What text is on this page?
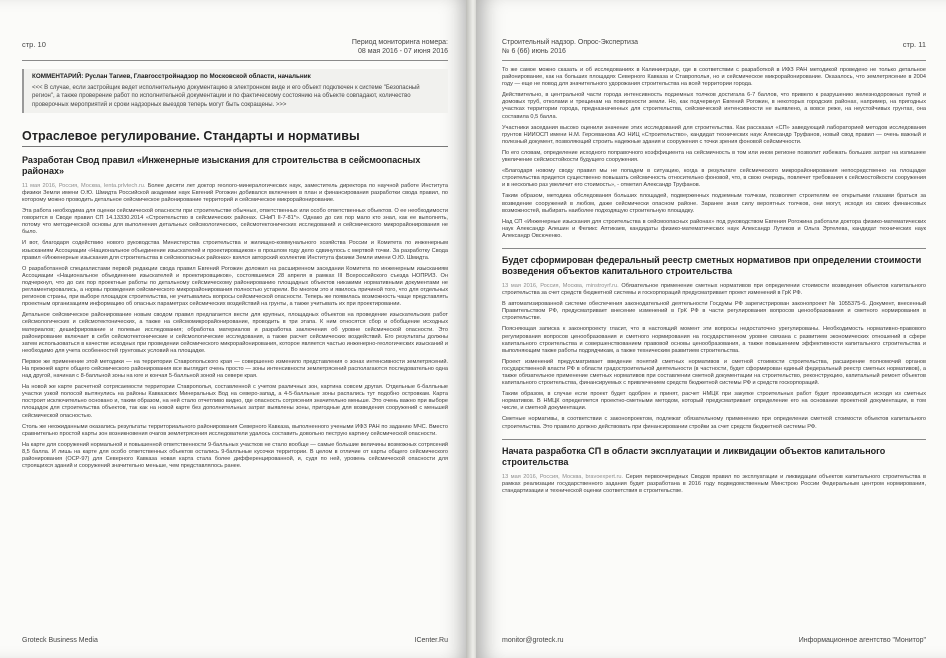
стр. 10	Период мониторинга номера:
08 мая 2016 - 07 июня 2016
КОММЕНТАРИЙ: Руслан Тагиев, Главгосстройнадзор по Московской области, начальник
<<< В случае, если застройщик ведет исполнительную документацию в электронном виде и его объект подключен к системе "Безопасный регион", а также проверение работ по исполнительной документации и по фактическому состоянию на объекте совпадают, количество проверочных мероприятий и сроки надзорных выездов теперь могут быть сокращены. >>>
Отраслевое регулирование. Стандарты и нормативы
Разработан Свод правил «Инженерные изыскания для строительства в сейсмоопасных районах»

11 мая 2016, Россия, Москва, lenta.prlvtech.ru. Более десяти лет доктор геолого-минералогических наук, заместитель директора по научной работе Института физики Земли имени О.Ю. Шмидта Российской академии наук Евгений Рогожин добивался включения в план и финансирования разработки свода правил, по которому можно проводить детальное сейсмическое районирование территорий и сейсмическое микрорайонирование.

Эта работа необходима для оценки сейсмической опасности при строительстве обычных, ответственных или особо ответственных объектов. О ее необходимости говорится в Своде правил СП 14.13330.2014 «Строительство в сейсмических районах. СНиП II-7-81*». Однако до сих пор мало кто знал, как ее выполнять, потому что методической основы для выполнения детальных сейсмологических, сейсмотектонических исследований и сейсмического микрорайонирования не было.

И вот, благодаря содействию нового руководства Министерства строительства и жилищно-коммунального хозяйства России и Комитета по инженерным изысканиям Ассоциации «Национальное объединение изыскателей и проектировщиков» в прошлом году дело сдвинулось с мертвой точки. За разработку Свода правил «Инженерные изыскания для строительства в сейсмоопасных районах» взялся авторский коллектив Института физики Земли имени О.Ю. Шмидта.

О разработанной специалистами первой редакции свода правил Евгений Рогожин доложил на расширенном заседании Комитета по инженерным изысканиям Ассоциации «Национальное объединение изыскателей и проектировщиков», состоявшемся 28 апреля в рамках III Всероссийского съезда НОПРИЗ. Он подчеркнул, что до сих пор проектные работы по детальному сейсмическому районированию площадных объектов никакими нормативными документами не регламентировались, а нормы проведения сейсмического микрорайонирования полностью устарели. Во многом это и явилось причиной того, что для отдельных регионов страны, при выборе площадок строительства, не учитывались вопросы сейсмической опасности. Теперь же появилась возможность чаще представлять проектным организациям информацию об опасных параметрах сейсмических воздействий на грунты, а также учитывать их при проектировании.

Детальное сейсмическое районирование новым сводом правил предлагается вести для крупных, площадных объектов на проведение изыскательских работ сейсмологических и сейсмотектонических, а также на сейсмомикрорайонирование, проводить в три этапа. К ним относятся сбор и обобщение исходных материалов; дешифрирование и полевые исследования; обработка материалов и разработка заключения об уровне сейсмической опасности. Это районирование включает в себя сейсмотектонические и сейсмологические исследования, а также расчет сейсмических воздействий. Его результаты должны затем использоваться в качестве исходных при проведении сейсмического микрорайонирования, которое является частью инженерно-геологических изысканий и необходимо для учета особенностей грунтовых условий на площадке.

Первое же применение этой методики — на территории Ставропольского края — совершенно изменило представления о зонах интенсивности землетрясений. На прежней карте общего сейсмического районирования все выглядит очень просто — зоны интенсивности землетрясений располагаются последовательно одна над другой, начиная с 8-балльной зоны на юге и кончая 5-балльной зоной на севере края.

На новой же карте расчетной сотрясаемости территории Ставрополья, составленной с учетом различных зон, картина совсем другая. Отдельные 6-балльные участки узкой полосой вытянулись на районы Кавказских Минеральных Вод на северо-запад, а 4-5-балльные зоны распались тут подобно островкам. Карта построит исключительно основано и, таким образом, на ней стало отчетливо видно, где опасность сотрясения значительно меньше. Это очень важно при выборе площадок для строительства объектов, так как на новой карте без дополнительных затрат выявлены зоны, пригодные для возведения сооружений с меньшей сейсмической опасностью.

Столь же неожиданными оказались результаты территориального районирования Северного Кавказа, выполненного учеными ИФЗ РАН по заданию МЧС. Вместо сравнительно простой карты зон возникновения очагов землетрясения исследователи удалось составить довольно пеструю картину сейсмической опасности.

На карте для сооружений нормальной и повышенной ответственности 9-балльных участков не стало вообще — самые большие величины возможных сотрясений 8,5 балла. И лишь на карте для особо ответственных объектов остались 9-балльные кусочки территории. В целом в отличие от карты общего сейсмического районирования (ОСР-97) для Северного Кавказа новая карта стала более дифференцированной, и, судя по ней, уровень сейсмической опасности для строящихся зданий и сооружений значительно меньше, чем представлялось ранее.

Groteck Business Media	ICenter.Ru
Строительный надзор. Опрос-Экспертиза
№ 6 (66) июнь 2016
стр. 11

То же самое можно сказать и об исследованиях в Калининграде, где в соответствии с разработкой в ИФЗ РАН методикой проведено не только детальное районирование, как на больших площадях Северного Кавказа и Ставрополья, но и сейсмическое микрорайонирование. Оказалось, что землетрясение в 2004 году — еще не повод для значительного удорожания строительства на всей территории города.

Действительно, в центральной части города интенсивность подземных толчков достигала 6-7 баллов, что привело к разрушению железнодорожных путей и домовых труб, отколами и трещинам на поверхности земли. Но, как подчеркнул Евгений Рогожин, в некоторых городских районах, например, на пригодных участках территории города, предназначенных для строительства, сейсмической интенсивности не выявлено, а вовсе реже, на неустойчивых грунтах, она составила 0,5 балла.

Участники заседания высоко оценили значение этих исследований для строительства. Как рассказал «СП» заведующий лабораторией методов исследования грунтов НИИОСП имени Н.М. Герсеванова АО НИЦ «Строительство», кандидат технических наук Александр Труфанов, новый свод правил — очень важный и полезный документ, позволяющий строить надежные здания и сооружения с точки зрения фоновой сейсмичности.

По его словам, определение исходного поправочного коэффициента на сейсмичность в том или ином регионе позволит избежать больших затрат на излишнее увеличение сейсмостойкости будущего сооружения.

«Благодаря новому своду правил мы не попадем в ситуацию, когда в результате сейсмического микрорайонирования непосредственно на площадке строительства придется существенно повышать сейсмичность относительно фоновой, что, в свою очередь, повлечет требования к сейсмостойкости сооружения и в несколько раз увеличит его стоимость», - отметил Александр Труфанов.

Таким образом, методика обследования больших площадей, подверженных подземным толчкам, позволяет строителям ее открытыми глазами браться за возведение сооружений в любом, даже сейсмически опасном районе. Заранее зная силу вероятных толчков, они могут, исходя из своих финансовых возможностей, выбирать наиболее подходящую строительную площадку.

Над СП «Инженерные изыскания для строительства в сейсмоопасных районах» под руководством Евгения Рогожина работали доктора физико-математических наук Александр Алешин и Феликс Аптикаев, кандидаты физико-математических наук Александр Лутиков и Ольга Эртелева, кандидат технических наук Александр Овсюченко.

Будет сформирован федеральный реестр сметных нормативов при определении стоимости возведения объектов капитального строительства

13 мая 2016, Россия, Москва, minstroyrf.ru. Обязательное применение сметных нормативов при определении стоимости возведения объектов капитального строительства за счет средств бюджетной системы и госкорпораций предусматривает проект изменений в ГрК РФ.

В автоматизированной системе обеспечения законодательной деятельности Госдумы РФ зарегистрирован законопроект № 1055375-6. Документ, внесенный Правительством РФ, предусматривает внесение изменений в ГрК РФ в части регулирования вопросов ценообразования и сметного нормирования в строительстве.

Поясняющая записка к законопроекту гласит, что в настоящий момент эти вопросы недостаточно урегулированы. Необходимость нормативно-правового регулирования вопросов ценообразования и сметного нормирования на государственном уровне связана с развитием экономических отношений в сфере капитального строительства и совершенствованием правовой основы ценообразования, а также повышением эффективности капитального строительства и выполняющим также работы подрядчикам, а также техническим развитием строительства.

Проект изменений предусматривает введение понятий сметных нормативов и сметной стоимости строительства, расширение полномочий органов государственной власти РФ в области градостроительной деятельности (в частности, будет сформирован единый федеральный реестр сметных нормативов), а также обязательное применение сметных нормативов при составлении сметной документации на строительство, реконструкцию, капитальный ремонт объектов капитального строительства, финансируемых с привлечением средств бюджетной системы РФ и средств госкорпораций.

Таким образом, в случае если проект будет одобрен и принят, расчет НМЦК при закупке строительных работ будет производиться исходя из сметных нормативов. В НМЦК определяется проектно-сметными методом, который предусматривает определение его на основании проектной документации, в том числе, и сметной документации.

Сметные нормативы, в соответствии с законопроектом, подлежат обязательному применению при определении сметной стоимости объектов капитального строительства. Это правило должно действовать при финансировании стройки за счет средств бюджетной системы РФ.

Начата разработка СП в области эксплуатации и ликвидации объектов капитального строительства

13 мая 2016, Россия, Москва, bravoexpert.ru. Серия первоочередных Сводов правил по эксплуатации и ликвидации объектов капитального строительства в рамках реализации государственного задания будет разработана в 2016 году подведомственным Минстрою России Федеральным центром нормирования, стандартизации и технической оценки соответствия в строительстве.

monitor@groteck.ru	Информационное агентство "Монитор"
